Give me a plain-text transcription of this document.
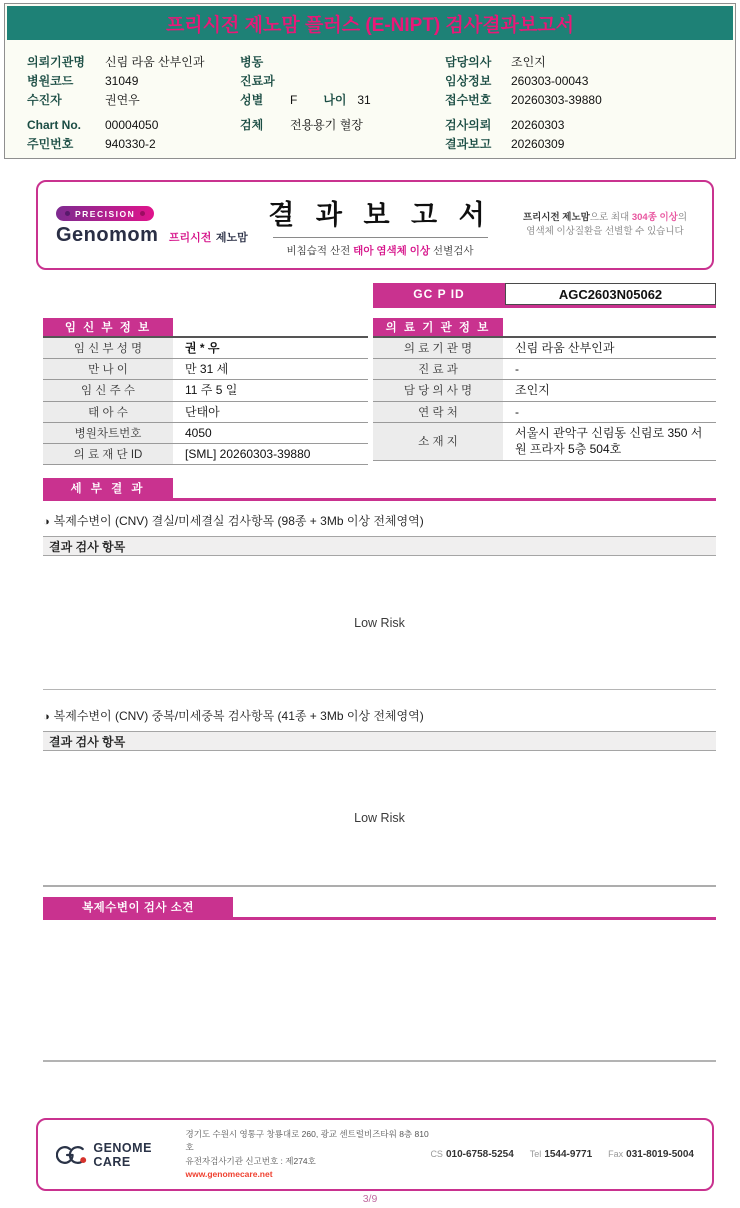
프리시전 제노맘 플러스 (E-NIPT) 검사결과보고서
의뢰기관명	신림 라움 산부인과
병원코드	31049
수진자	권연우
Chart No.	00004050
주민번호	940330-2
병동
진료과
성별	F 나이 31
검체	전용용기 혈장
담당의사	조인지
임상정보	260303-00043
접수번호	20260303-39880
검사의뢰	20260303
결과보고	20260309
PRECISION
Genomom 프리시전 제노맘
결 과 보 고 서
비침습적 산전 태아 염색체 이상 선별검사
프리시전 제노맘으로 최대 304종 이상의
염색체 이상질환을 선별할 수 있습니다
GC P ID	AGC2603N05062
임 신 부 정 보
임 신 부 성 명	권 * 우
만 나 이	만 31 세
임 신 주 수	11 주 5 일
태 아 수	단태아
병원차트번호	4050
의 료 재 단 ID	[SML] 20260303-39880
의 료 기 관 정 보
의 료 기 관 명	신림 라움 산부인과
진 료 과	-
담 당 의 사 명	조인지
연 락 처	-
소 재 지
서울시 관악구 신림동 신림로 350 서원 프라자 5층 504호
세 부 결 과
◑ 복제수변이 (CNV) 결실/미세결실 검사항목 (98종 + 3Mb 이상 전체영역)
결과 검사 항목
Low Risk
◑ 복제수변이 (CNV) 중복/미세중복 검사항목 (41종 + 3Mb 이상 전체영역)
결과 검사 항목
Low Risk
복제수변이 검사 소견
GENOME CARE
경기도 수원시 영통구 창룡대로 260, 광교 센트럴비즈타워 8층 810호
유전자검사기관 신고번호 : 제274호
www.genomecare.net
CS 010-6758-5254 Tel 1544-9771 Fax 031-8019-5004
3/9
